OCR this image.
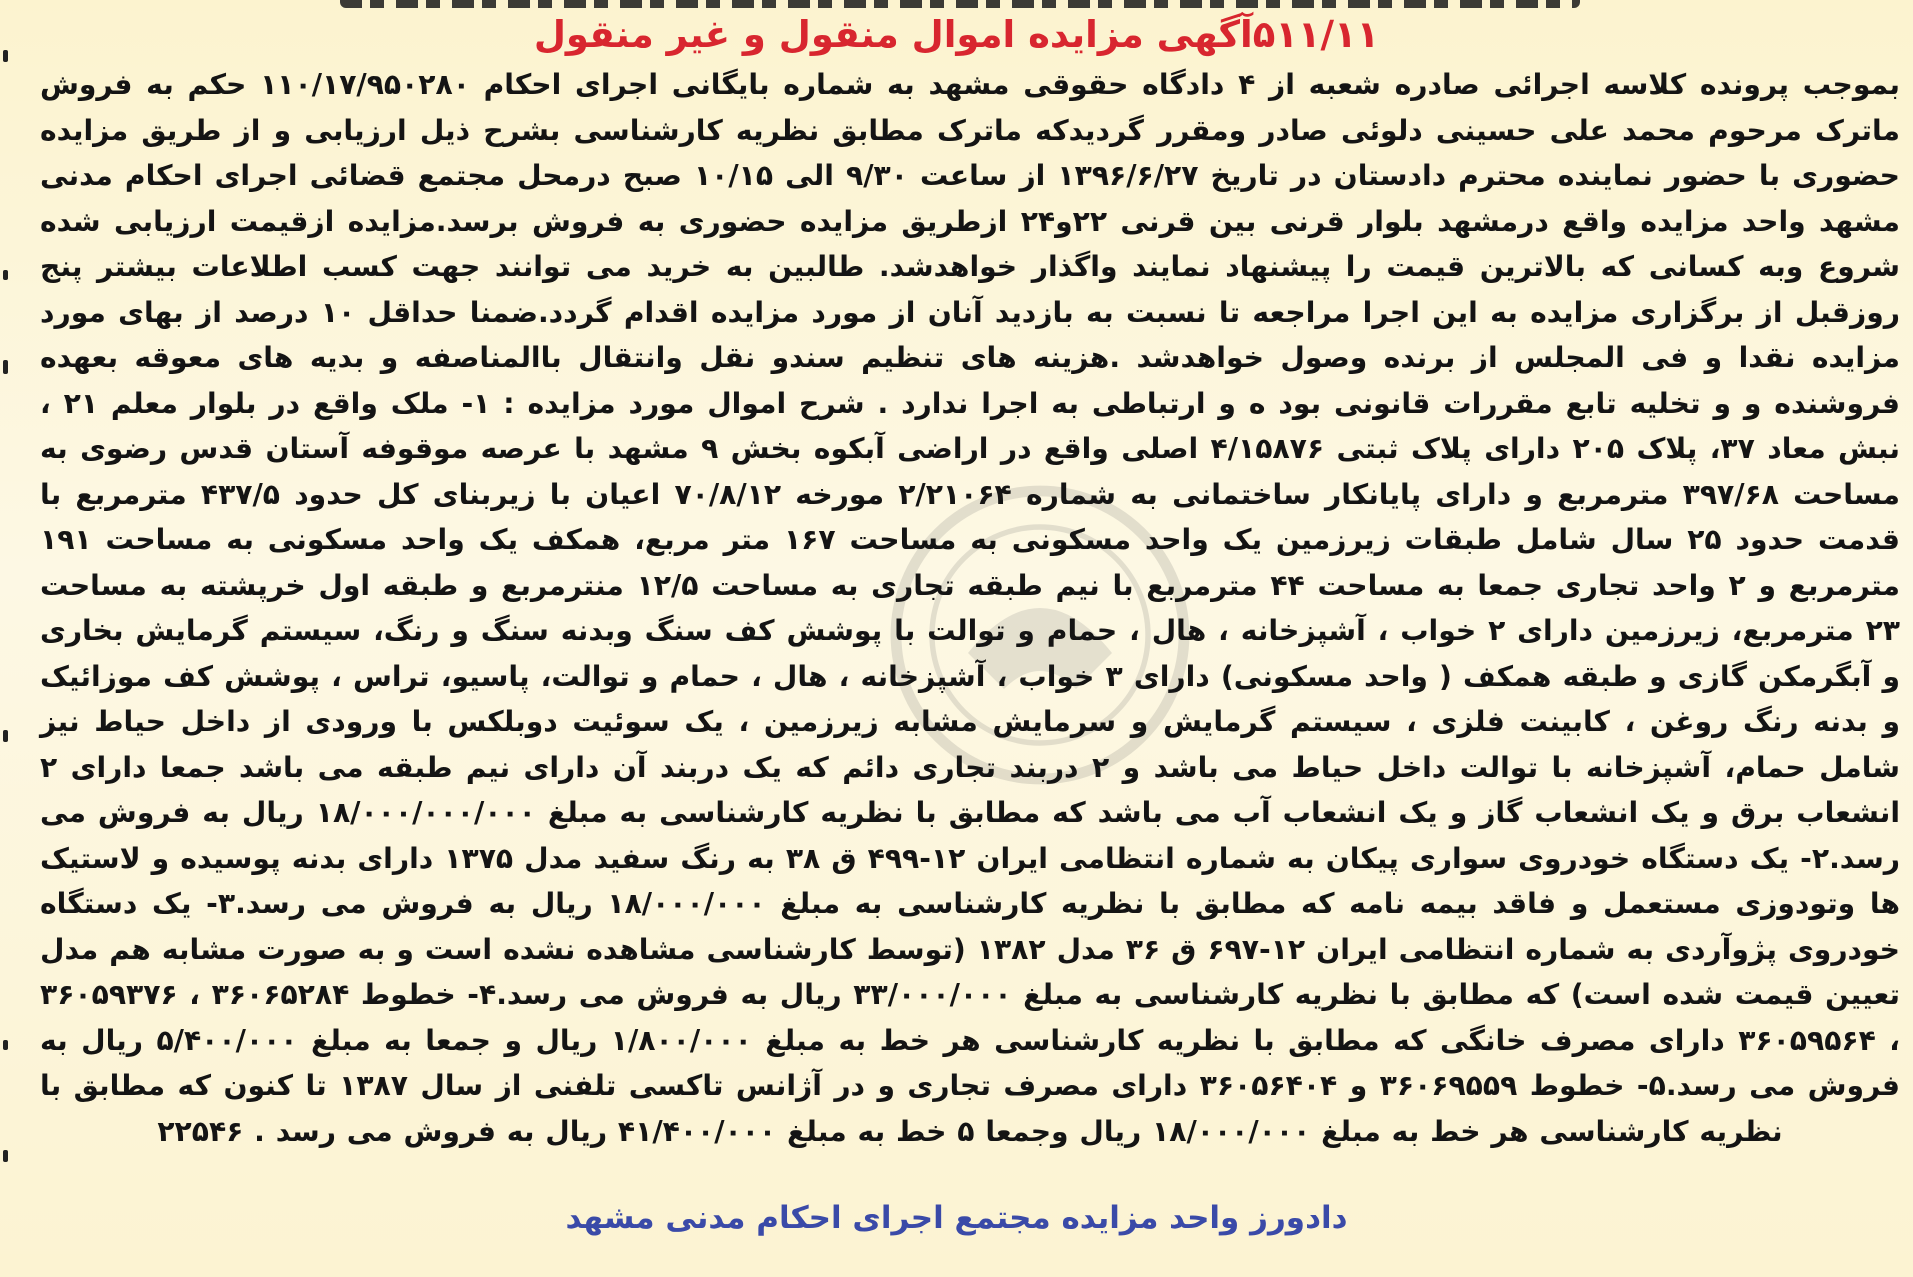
۵۱۱/۱۱آگهی مزایده اموال منقول و غیر منقول

بموجب پرونده کلاسه اجرائی صادره شعبه از ۴ دادگاه حقوقی مشهد به شماره بایگانی اجرای احکام ۱۱۰/۱۷/۹۵۰۲۸۰ حکم به فروش ماترک مرحوم محمد علی حسینی دلوئی صادر ومقرر گردیدکه ماترک مطابق نظریه کارشناسی بشرح ذیل ارزیابی و از طریق مزایده حضوری با حضور نماینده محترم دادستان در تاریخ ۱۳۹۶/۶/۲۷ از ساعت ۹/۳۰ الی ۱۰/۱۵ صبح درمحل مجتمع قضائی اجرای احکام مدنی مشهد واحد مزایده واقع درمشهد بلوار قرنی بین قرنی ۲۲و۲۴ ازطریق مزایده حضوری به فروش برسد.مزایده ازقیمت ارزیابی شده شروع وبه کسانی که بالاترین قیمت را پیشنهاد نمایند واگذار خواهدشد. طالبین به خرید می توانند جهت کسب اطلاعات بیشتر پنج روزقبل از برگزاری مزایده به این اجرا مراجعه تا نسبت به بازدید آنان از مورد مزایده اقدام گردد.ضمنا حداقل ۱۰ درصد از بهای مورد مزایده نقدا و فی المجلس از برنده وصول خواهدشد .هزینه های تنظیم سندو نقل وانتقال باالمناصفه و بدیه های معوقه بعهده فروشنده و و تخلیه تابع مقررات قانونی بود ه و ارتباطی به اجرا ندارد . شرح اموال مورد مزایده : ۱- ملک واقع در بلوار معلم ۲۱ ، نبش معاد ۳۷، پلاک ۲۰۵ دارای پلاک ثبتی ۴/۱۵۸۷۶ اصلی واقع در اراضی آبکوه بخش ۹ مشهد با عرصه موقوفه آستان قدس رضوی به مساحت ۳۹۷/۶۸ مترمربع و دارای پایانکار ساختمانی به شماره ۲/۲۱۰۶۴ مورخه ۷۰/۸/۱۲ اعیان با زیربنای کل حدود ۴۳۷/۵ مترمربع با قدمت حدود ۲۵ سال شامل طبقات زیرزمین یک واحد مسکونی به مساحت ۱۶۷ متر مربع، همکف یک واحد مسکونی به مساحت ۱۹۱ مترمربع و ۲ واحد تجاری جمعا به مساحت ۴۴ مترمربع با نیم طبقه تجاری به مساحت ۱۲/۵ منترمربع و طبقه اول خرپشته به مساحت ۲۳ مترمربع، زیرزمین دارای ۲ خواب ، آشپزخانه ، هال ، حمام و توالت با پوشش کف سنگ وبدنه سنگ و رنگ، سیستم گرمایش بخاری و آبگرمکن گازی و طبقه همکف ( واحد مسکونی) دارای ۳ خواب ، آشپزخانه ، هال ، حمام و توالت، پاسیو، تراس ، پوشش کف موزائیک و بدنه رنگ روغن ، کابینت فلزی ، سیستم گرمایش و سرمایش مشابه زیرزمین ، یک سوئیت دوبلکس با ورودی از داخل حیاط نیز شامل حمام، آشپزخانه با توالت داخل حیاط می باشد و ۲ دربند تجاری دائم که یک دربند آن دارای نیم طبقه می باشد جمعا دارای ۲ انشعاب برق و یک انشعاب گاز و یک انشعاب آب می باشد که مطابق با نظریه کارشناسی به مبلغ ۱۸/۰۰۰/۰۰۰/۰۰۰ ریال به فروش می رسد.۲- یک دستگاه خودروی سواری پیکان به شماره انتظامی ایران ۱۲-۴۹۹ ق ۳۸ به رنگ سفید مدل ۱۳۷۵ دارای بدنه پوسیده و لاستیک ها وتودوزی مستعمل و فاقد بیمه نامه که مطابق با نظریه کارشناسی به مبلغ ۱۸/۰۰۰/۰۰۰ ریال به فروش می رسد.۳- یک دستگاه خودروی پژوآردی به شماره انتظامی ایران ۱۲-۶۹۷ ق ۳۶ مدل ۱۳۸۲ (توسط کارشناسی مشاهده نشده است و به صورت مشابه هم مدل تعیین قیمت شده است) که مطابق با نظریه کارشناسی به مبلغ ۳۳/۰۰۰/۰۰۰ ریال به فروش می رسد.۴- خطوط ۳۶۰۶۵۲۸۴ ، ۳۶۰۵۹۳۷۶ ، ۳۶۰۵۹۵۶۴ دارای مصرف خانگی که مطابق با نظریه کارشناسی هر خط به مبلغ ۱/۸۰۰/۰۰۰ ریال و جمعا به مبلغ ۵/۴۰۰/۰۰۰ ریال به فروش می رسد.۵- خطوط ۳۶۰۶۹۵۵۹ و ۳۶۰۵۶۴۰۴ دارای مصرف تجاری و در آژانس تاکسی تلفنی از سال ۱۳۸۷ تا کنون که مطابق با نظریه کارشناسی هر خط به مبلغ ۱۸/۰۰۰/۰۰۰ ریال وجمعا ۵ خط به مبلغ ۴۱/۴۰۰/۰۰۰ ریال به فروش می رسد . ۲۲۵۴۶

دادورز واحد مزایده مجتمع اجرای احکام مدنی مشهد
